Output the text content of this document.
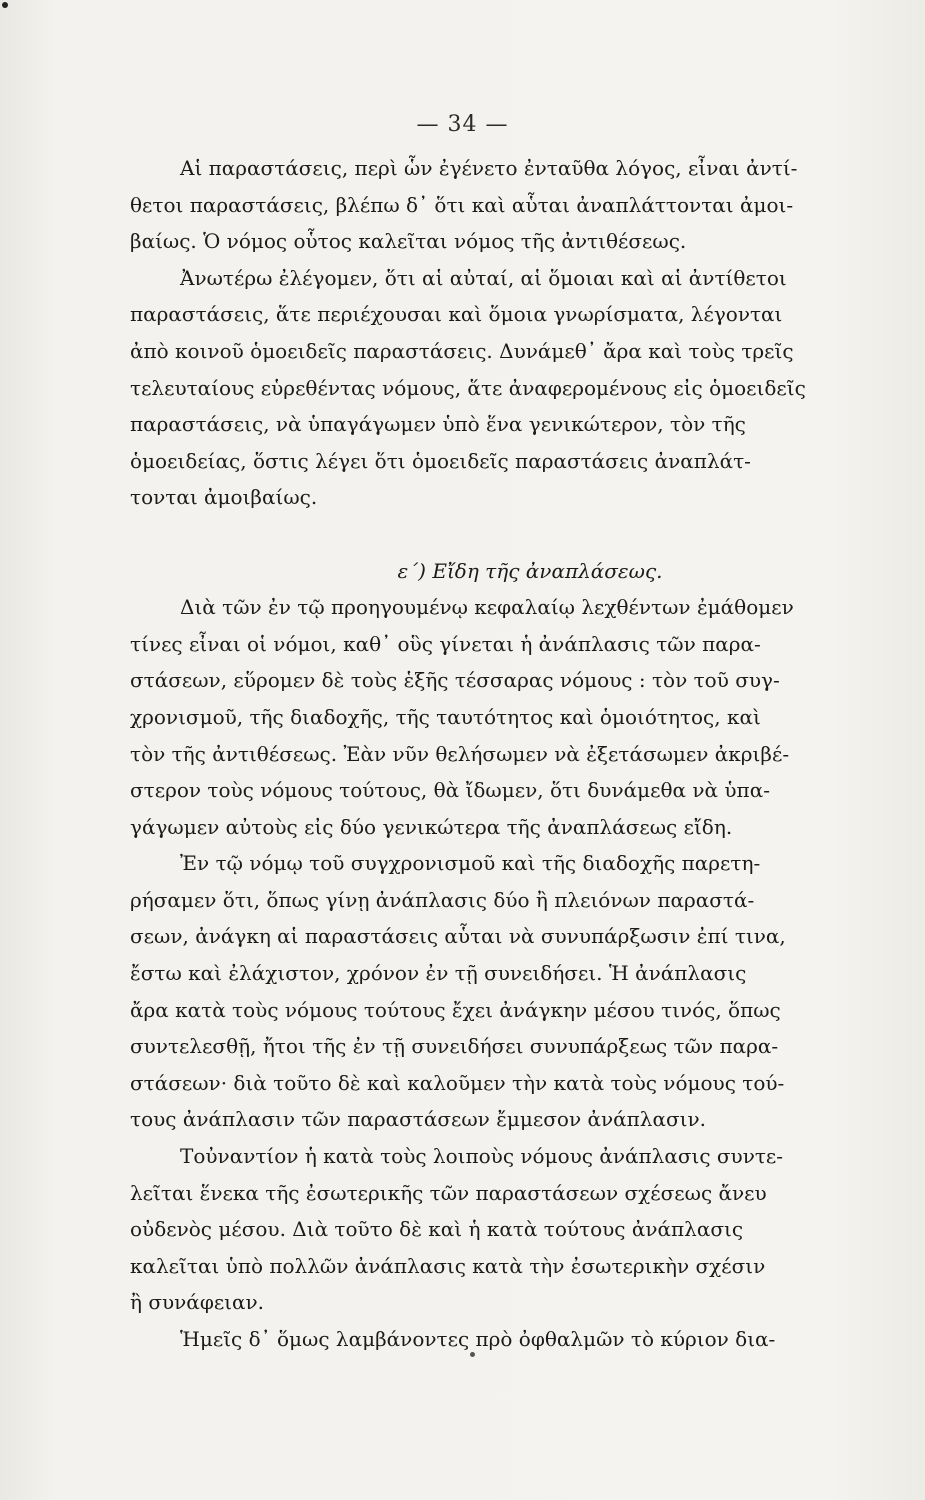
— 34 —
Αἱ παραστάσεις, περὶ ὧν ἐγένετο ἐνταῦθα λόγος, εἶναι ἀντί-
θετοι παραστάσεις, βλέπω δ᾽ ὅτι καὶ αὗται ἀναπλάττονται ἀμοι-
βαίως. Ὁ νόμος οὗτος καλεῖται νόμος τῆς ἀντιθέσεως.
Ἀνωτέρω ἐλέγομεν, ὅτι αἱ αὐταί, αἱ ὅμοιαι καὶ αἱ ἀντίθετοι
παραστάσεις, ἅτε περιέχουσαι καὶ ὅμοια γνωρίσματα, λέγονται
ἀπὸ κοινοῦ ὁμοειδεῖς παραστάσεις. Δυνάμεθ᾽ ἄρα καὶ τοὺς τρεῖς
τελευταίους εὑρεθέντας νόμους, ἅτε ἀναφερομένους εἰς ὁμοειδεῖς
παραστάσεις, νὰ ὑπαγάγωμεν ὑπὸ ἕνα γενικώτερον, τὸν τῆς
ὁμοειδείας, ὅστις λέγει ὅτι ὁμοειδεῖς παραστάσεις ἀναπλάτ-
τονται ἀμοιβαίως.
ε´) Εἴδη τῆς ἀναπλάσεως.
Διὰ τῶν ἐν τῷ προηγουμένῳ κεφαλαίῳ λεχθέντων ἐμάθομεν
τίνες εἶναι οἱ νόμοι, καθ᾽ οὓς γίνεται ἡ ἀνάπλασις τῶν παρα-
στάσεων, εὕρομεν δὲ τοὺς ἑξῆς τέσσαρας νόμους : τὸν τοῦ συγ-
χρονισμοῦ, τῆς διαδοχῆς, τῆς ταυτότητος καὶ ὁμοιότητος, καὶ
τὸν τῆς ἀντιθέσεως. Ἐὰν νῦν θελήσωμεν νὰ ἐξετάσωμεν ἀκριβέ-
στερον τοὺς νόμους τούτους, θὰ ἴδωμεν, ὅτι δυνάμεθα νὰ ὑπα-
γάγωμεν αὐτοὺς εἰς δύο γενικώτερα τῆς ἀναπλάσεως εἴδη.
Ἐν τῷ νόμῳ τοῦ συγχρονισμοῦ καὶ τῆς διαδοχῆς παρετη-
ρήσαμεν ὅτι, ὅπως γίνῃ ἀνάπλασις δύο ἢ πλειόνων παραστά-
σεων, ἀνάγκη αἱ παραστάσεις αὗται νὰ συνυπάρξωσιν ἐπί τινα,
ἔστω καὶ ἐλάχιστον, χρόνον ἐν τῇ συνειδήσει. Ἡ ἀνάπλασις
ἄρα κατὰ τοὺς νόμους τούτους ἔχει ἀνάγκην μέσου τινός, ὅπως
συντελεσθῇ, ἤτοι τῆς ἐν τῇ συνειδήσει συνυπάρξεως τῶν παρα-
στάσεων· διὰ τοῦτο δὲ καὶ καλοῦμεν τὴν κατὰ τοὺς νόμους τού-
τους ἀνάπλασιν τῶν παραστάσεων ἔμμεσον ἀνάπλασιν.
Τοὐναντίον ἡ κατὰ τοὺς λοιποὺς νόμους ἀνάπλασις συντε-
λεῖται ἕνεκα τῆς ἐσωτερικῆς τῶν παραστάσεων σχέσεως ἄνευ
οὐδενὸς μέσου. Διὰ τοῦτο δὲ καὶ ἡ κατὰ τούτους ἀνάπλασις
καλεῖται ὑπὸ πολλῶν ἀνάπλασις κατὰ τὴν ἐσωτερικὴν σχέσιν
ἢ συνάφειαν.
Ἡμεῖς δ᾽ ὅμως λαμβάνοντες πρὸ ὀφθαλμῶν τὸ κύριον δια-
